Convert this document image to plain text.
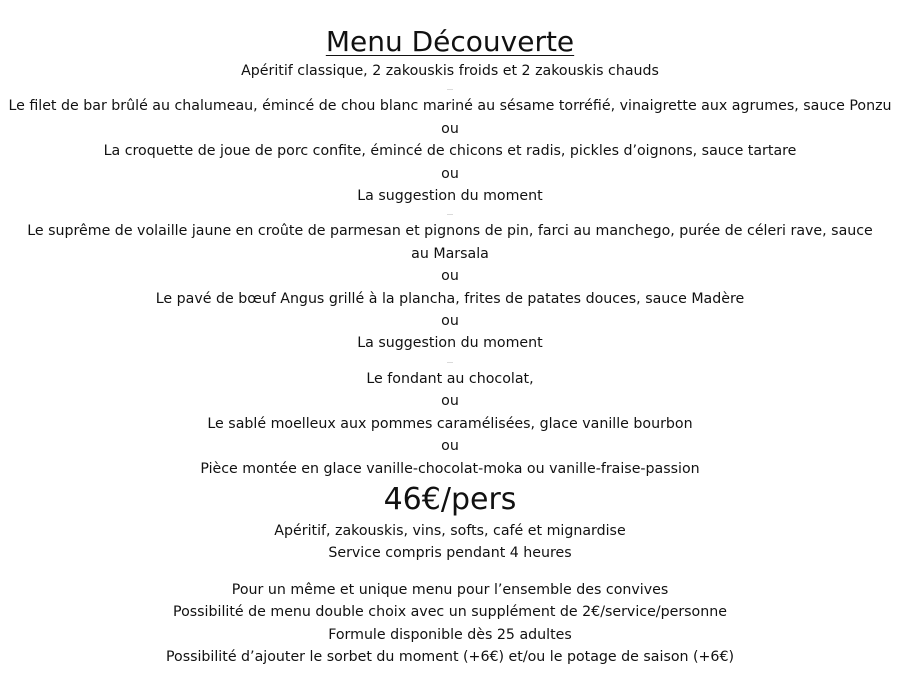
Menu Découverte
Apéritif classique, 2 zakouskis froids et 2 zakouskis chauds
…
Le filet de bar brûlé au chalumeau, émincé de chou blanc mariné au sésame torréfié, vinaigrette aux agrumes, sauce Ponzu
ou
La croquette de joue de porc confite, émincé de chicons et radis, pickles d’oignons, sauce tartare
ou
La suggestion du moment
…
Le suprême de volaille jaune en croûte de parmesan et pignons de pin, farci au manchego, purée de céleri rave, sauce au Marsala
ou
Le pavé de bœuf Angus grillé à la plancha, frites de patates douces, sauce Madère
ou
La suggestion du moment
…
Le fondant au chocolat,
ou
Le sablé moelleux aux pommes caramélisées, glace vanille bourbon
ou
Pièce montée en glace vanille-chocolat-moka ou vanille-fraise-passion
46€/pers
Apéritif, zakouskis, vins, softs, café et mignardise
Service compris pendant 4 heures
Pour un même et unique menu pour l’ensemble des convives
Possibilité de menu double choix avec un supplément de 2€/service/personne
Formule disponible dès 25 adultes
Possibilité d’ajouter le sorbet du moment (+6€) et/ou le potage de saison (+6€)
